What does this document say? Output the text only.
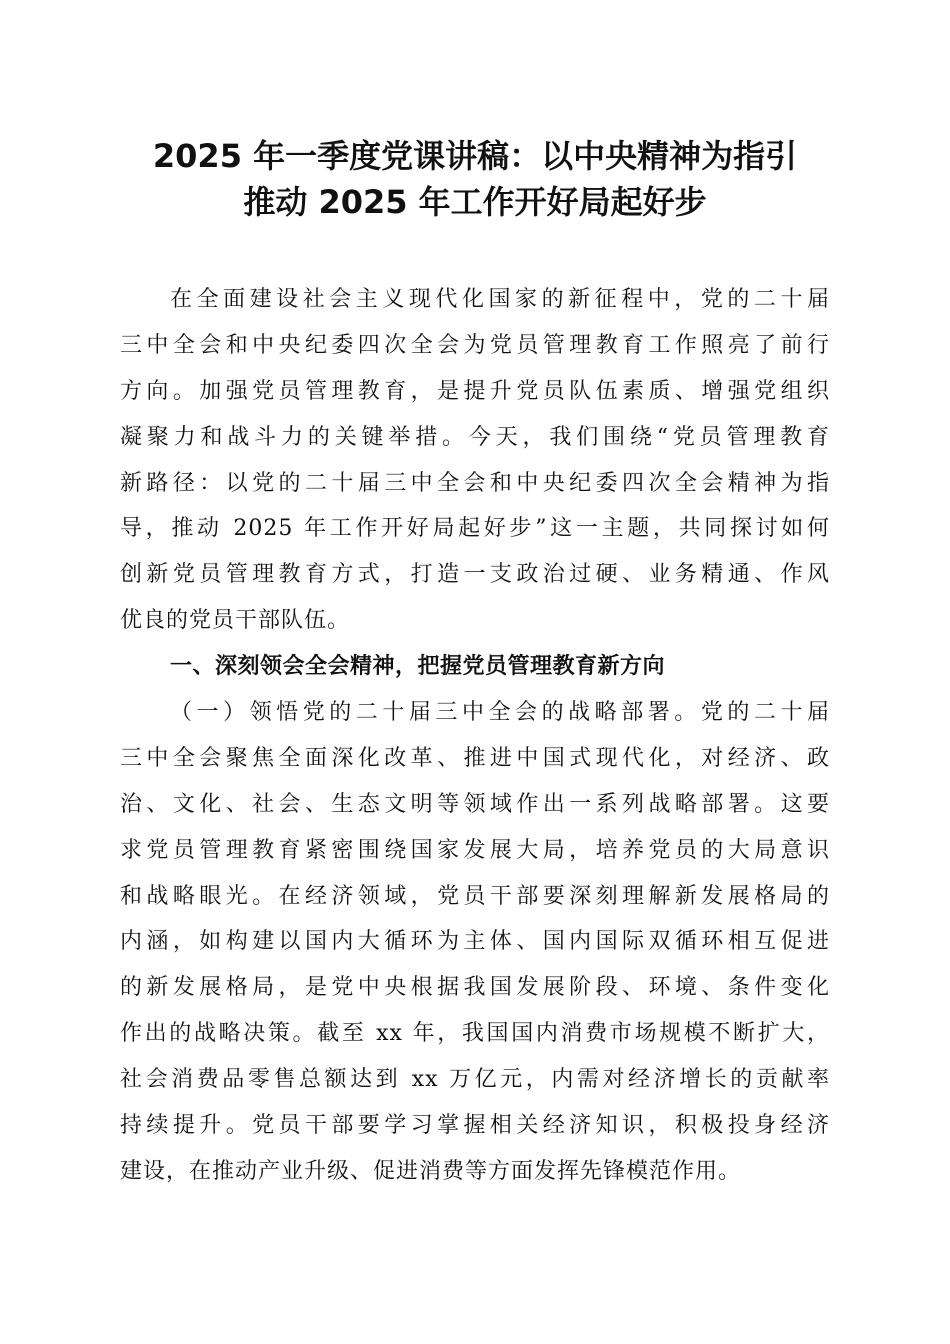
2025 年一季度党课讲稿：以中央精神为指引
推动 2025 年工作开好局起好步
在全面建设社会主义现代化国家的新征程中，党的二十届
三中全会和中央纪委四次全会为党员管理教育工作照亮了前行
方向。加强党员管理教育，是提升党员队伍素质、增强党组织
凝聚力和战斗力的关键举措。今天，我们围绕“党员管理教育
新路径：以党的二十届三中全会和中央纪委四次全会精神为指
导，推动 2025 年工作开好局起好步”这一主题，共同探讨如何
创新党员管理教育方式，打造一支政治过硬、业务精通、作风
优良的党员干部队伍。
一、深刻领会全会精神，把握党员管理教育新方向
（一）领悟党的二十届三中全会的战略部署。党的二十届
三中全会聚焦全面深化改革、推进中国式现代化，对经济、政
治、文化、社会、生态文明等领域作出一系列战略部署。这要
求党员管理教育紧密围绕国家发展大局，培养党员的大局意识
和战略眼光。在经济领域，党员干部要深刻理解新发展格局的
内涵，如构建以国内大循环为主体、国内国际双循环相互促进
的新发展格局，是党中央根据我国发展阶段、环境、条件变化
作出的战略决策。截至 xx 年，我国国内消费市场规模不断扩大，
社会消费品零售总额达到 xx 万亿元，内需对经济增长的贡献率
持续提升。党员干部要学习掌握相关经济知识，积极投身经济
建设，在推动产业升级、促进消费等方面发挥先锋模范作用。
